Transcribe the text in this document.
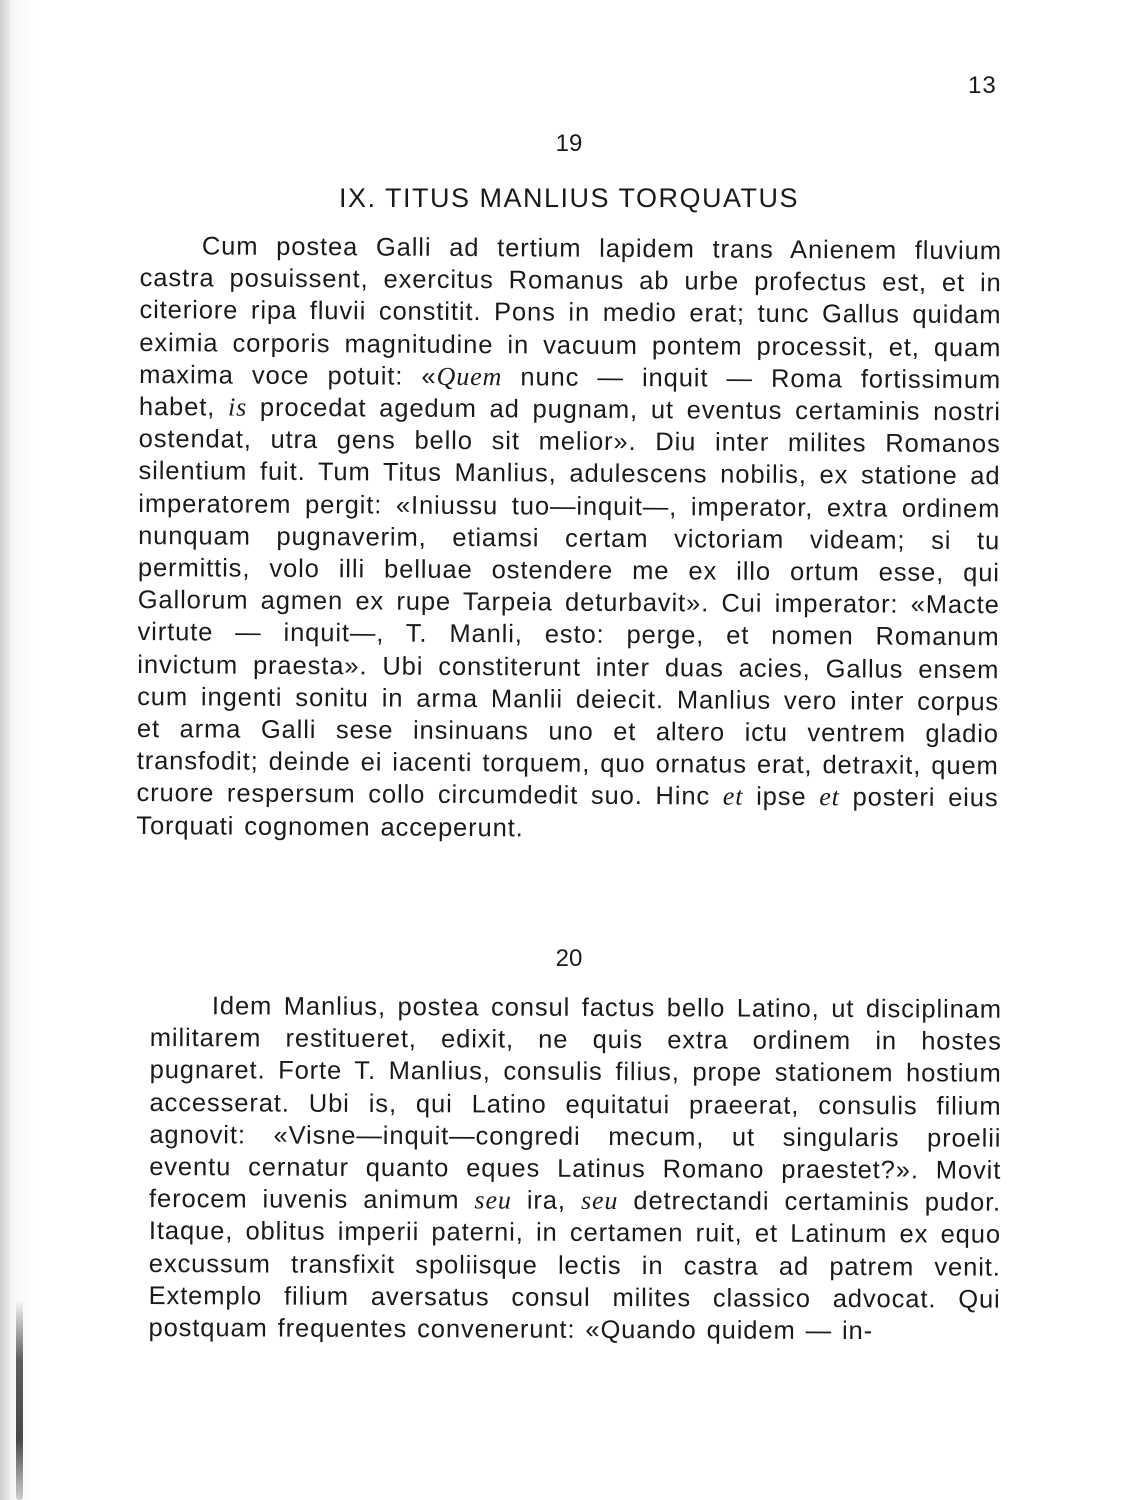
13
19
IX. TITUS MANLIUS TORQUATUS

Cum postea Galli ad tertium lapidem trans Anienem fluvium castra posuissent, exercitus Romanus ab urbe profectus est, et in citeriore ripa fluvii constitit. Pons in medio erat; tunc Gallus quidam eximia corporis magnitudine in vacuum pontem processit, et, quam maxima voce potuit: «Quem nunc — inquit — Roma fortissimum habet, is procedat agedum ad pugnam, ut eventus certaminis nostri ostendat, utra gens bello sit melior». Diu inter milites Romanos silentium fuit. Tum Titus Manlius, adulescens nobilis, ex statione ad imperatorem pergit: «Iniussu tuo—inquit—, imperator, extra ordinem nunquam pugnaverim, etiamsi certam victoriam videam; si tu permittis, volo illi belluae ostendere me ex illo ortum esse, qui Gallorum agmen ex rupe Tarpeia deturbavit». Cui imperator: «Macte virtute — inquit—, T. Manli, esto: perge, et nomen Romanum invictum praesta». Ubi constiterunt inter duas acies, Gallus ensem cum ingenti sonitu in arma Manlii deiecit. Manlius vero inter corpus et arma Galli sese insinuans uno et altero ictu ventrem gladio transfodit; deinde ei iacenti torquem, quo ornatus erat, detraxit, quem cruore respersum collo circumdedit suo. Hinc et ipse et posteri eius Torquati cognomen acceperunt.

20

Idem Manlius, postea consul factus bello Latino, ut disciplinam militarem restitueret, edixit, ne quis extra ordinem in hostes pugnaret. Forte T. Manlius, consulis filius, prope stationem hostium accesserat. Ubi is, qui Latino equitatui praeerat, consulis filium agnovit: «Visne—inquit—congredi mecum, ut singularis proelii eventu cernatur quanto eques Latinus Romano praestet?». Movit ferocem iuvenis animum seu ira, seu detrectandi certaminis pudor. Itaque, oblitus imperii paterni, in certamen ruit, et Latinum ex equo excussum transfixit spoliisque lectis in castra ad patrem venit. Extemplo filium aversatus consul milites classico advocat. Qui postquam frequentes convenerunt: «Quando quidem — in-
